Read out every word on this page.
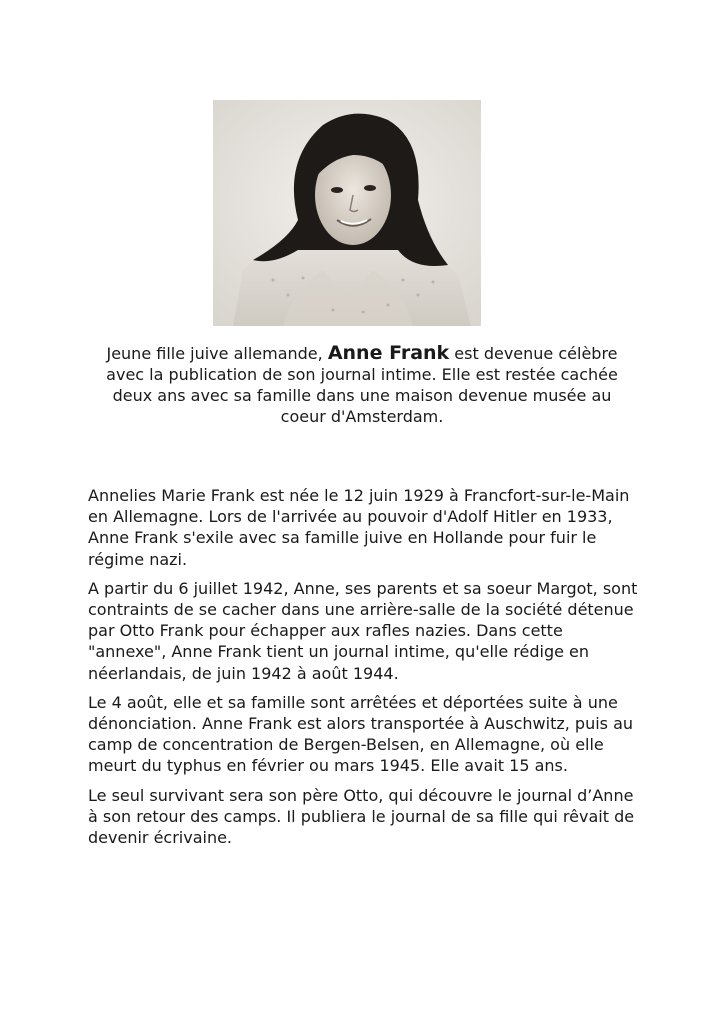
Jeune fille juive allemande, Anne Frank est devenue célèbre avec la publication de son journal intime. Elle est restée cachée deux ans avec sa famille dans une maison devenue musée au coeur d'Amsterdam.

Annelies Marie Frank est née le 12 juin 1929 à Francfort-sur-le-Main en Allemagne. Lors de l'arrivée au pouvoir d'Adolf Hitler en 1933, Anne Frank s'exile avec sa famille juive en Hollande pour fuir le régime nazi.

A partir du 6 juillet 1942, Anne, ses parents et sa soeur Margot, sont contraints de se cacher dans une arrière-salle de la société détenue par Otto Frank pour échapper aux rafles nazies. Dans cette "annexe", Anne Frank tient un journal intime, qu'elle rédige en néerlandais, de juin 1942 à août 1944.

Le 4 août, elle et sa famille sont arrêtées et déportées suite à une dénonciation. Anne Frank est alors transportée à Auschwitz, puis au camp de concentration de Bergen-Belsen, en Allemagne, où elle meurt du typhus en février ou mars 1945. Elle avait 15 ans.

Le seul survivant sera son père Otto, qui découvre le journal d’Anne à son retour des camps. Il publiera le journal de sa fille qui rêvait de devenir écrivaine.
